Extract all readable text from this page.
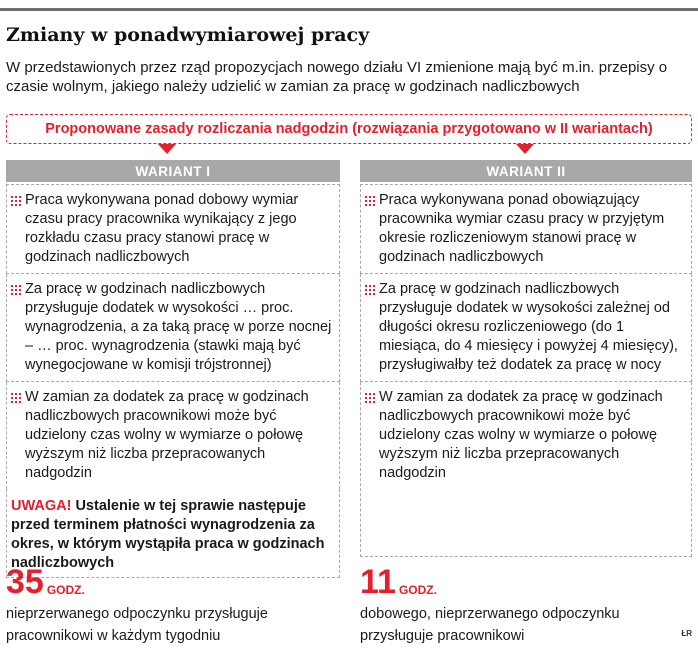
Zmiany w ponadwymiarowej pracy

W przedstawionych przez rząd propozycjach nowego działu VI zmienione mają być m.in. przepisy o czasie wolnym, jakiego należy udzielić w zamian za pracę w godzinach nadliczbowych

Proponowane zasady rozliczania nadgodzin (rozwiązania przygotowano w II wariantach)
WARIANT I	WARIANT II
Praca wykonywana ponad dobowy wymiar czasu pracy pracownika wynikający z jego rozkładu czasu pracy stanowi pracę w godzinach nadliczbowych
Za pracę w godzinach nadliczbowych przysługuje dodatek w wysokości … proc. wynagrodzenia, a za taką pracę w porze nocnej – … proc. wynagrodzenia (stawki mają być wynegocjowane w komisji trójstronnej)
W zamian za dodatek za pracę w godzinach nadliczbowych pracownikowi może być udzielony czas wolny w wymiarze o połowę wyższym niż liczba przepracowanych nadgodzin
UWAGA! Ustalenie w tej sprawie następuje przed terminem płatności wynagrodzenia za okres, w którym wystąpiła praca w godzinach nadliczbowych
Praca wykonywana ponad obowiązujący pracownika wymiar czasu pracy w przyjętym okresie rozliczeniowym stanowi pracę w godzinach nadliczbowych
Za pracę w godzinach nadliczbowych przysługuje dodatek w wysokości zależnej od długości okresu rozliczeniowego (do 1 miesiąca, do 4 miesięcy i powyżej 4 miesięcy), przysługiwałby też dodatek za pracę w nocy
W zamian za dodatek za pracę w godzinach nadliczbowych pracownikowi może być udzielony czas wolny w wymiarze o połowę wyższym niż liczba przepracowanych nadgodzin
35 GODZ.
nieprzerwanego odpoczynku przysługuje pracownikowi w każdym tygodniu
11 GODZ.
dobowego, nieprzerwanego odpoczynku przysługuje pracownikowi	ŁR
